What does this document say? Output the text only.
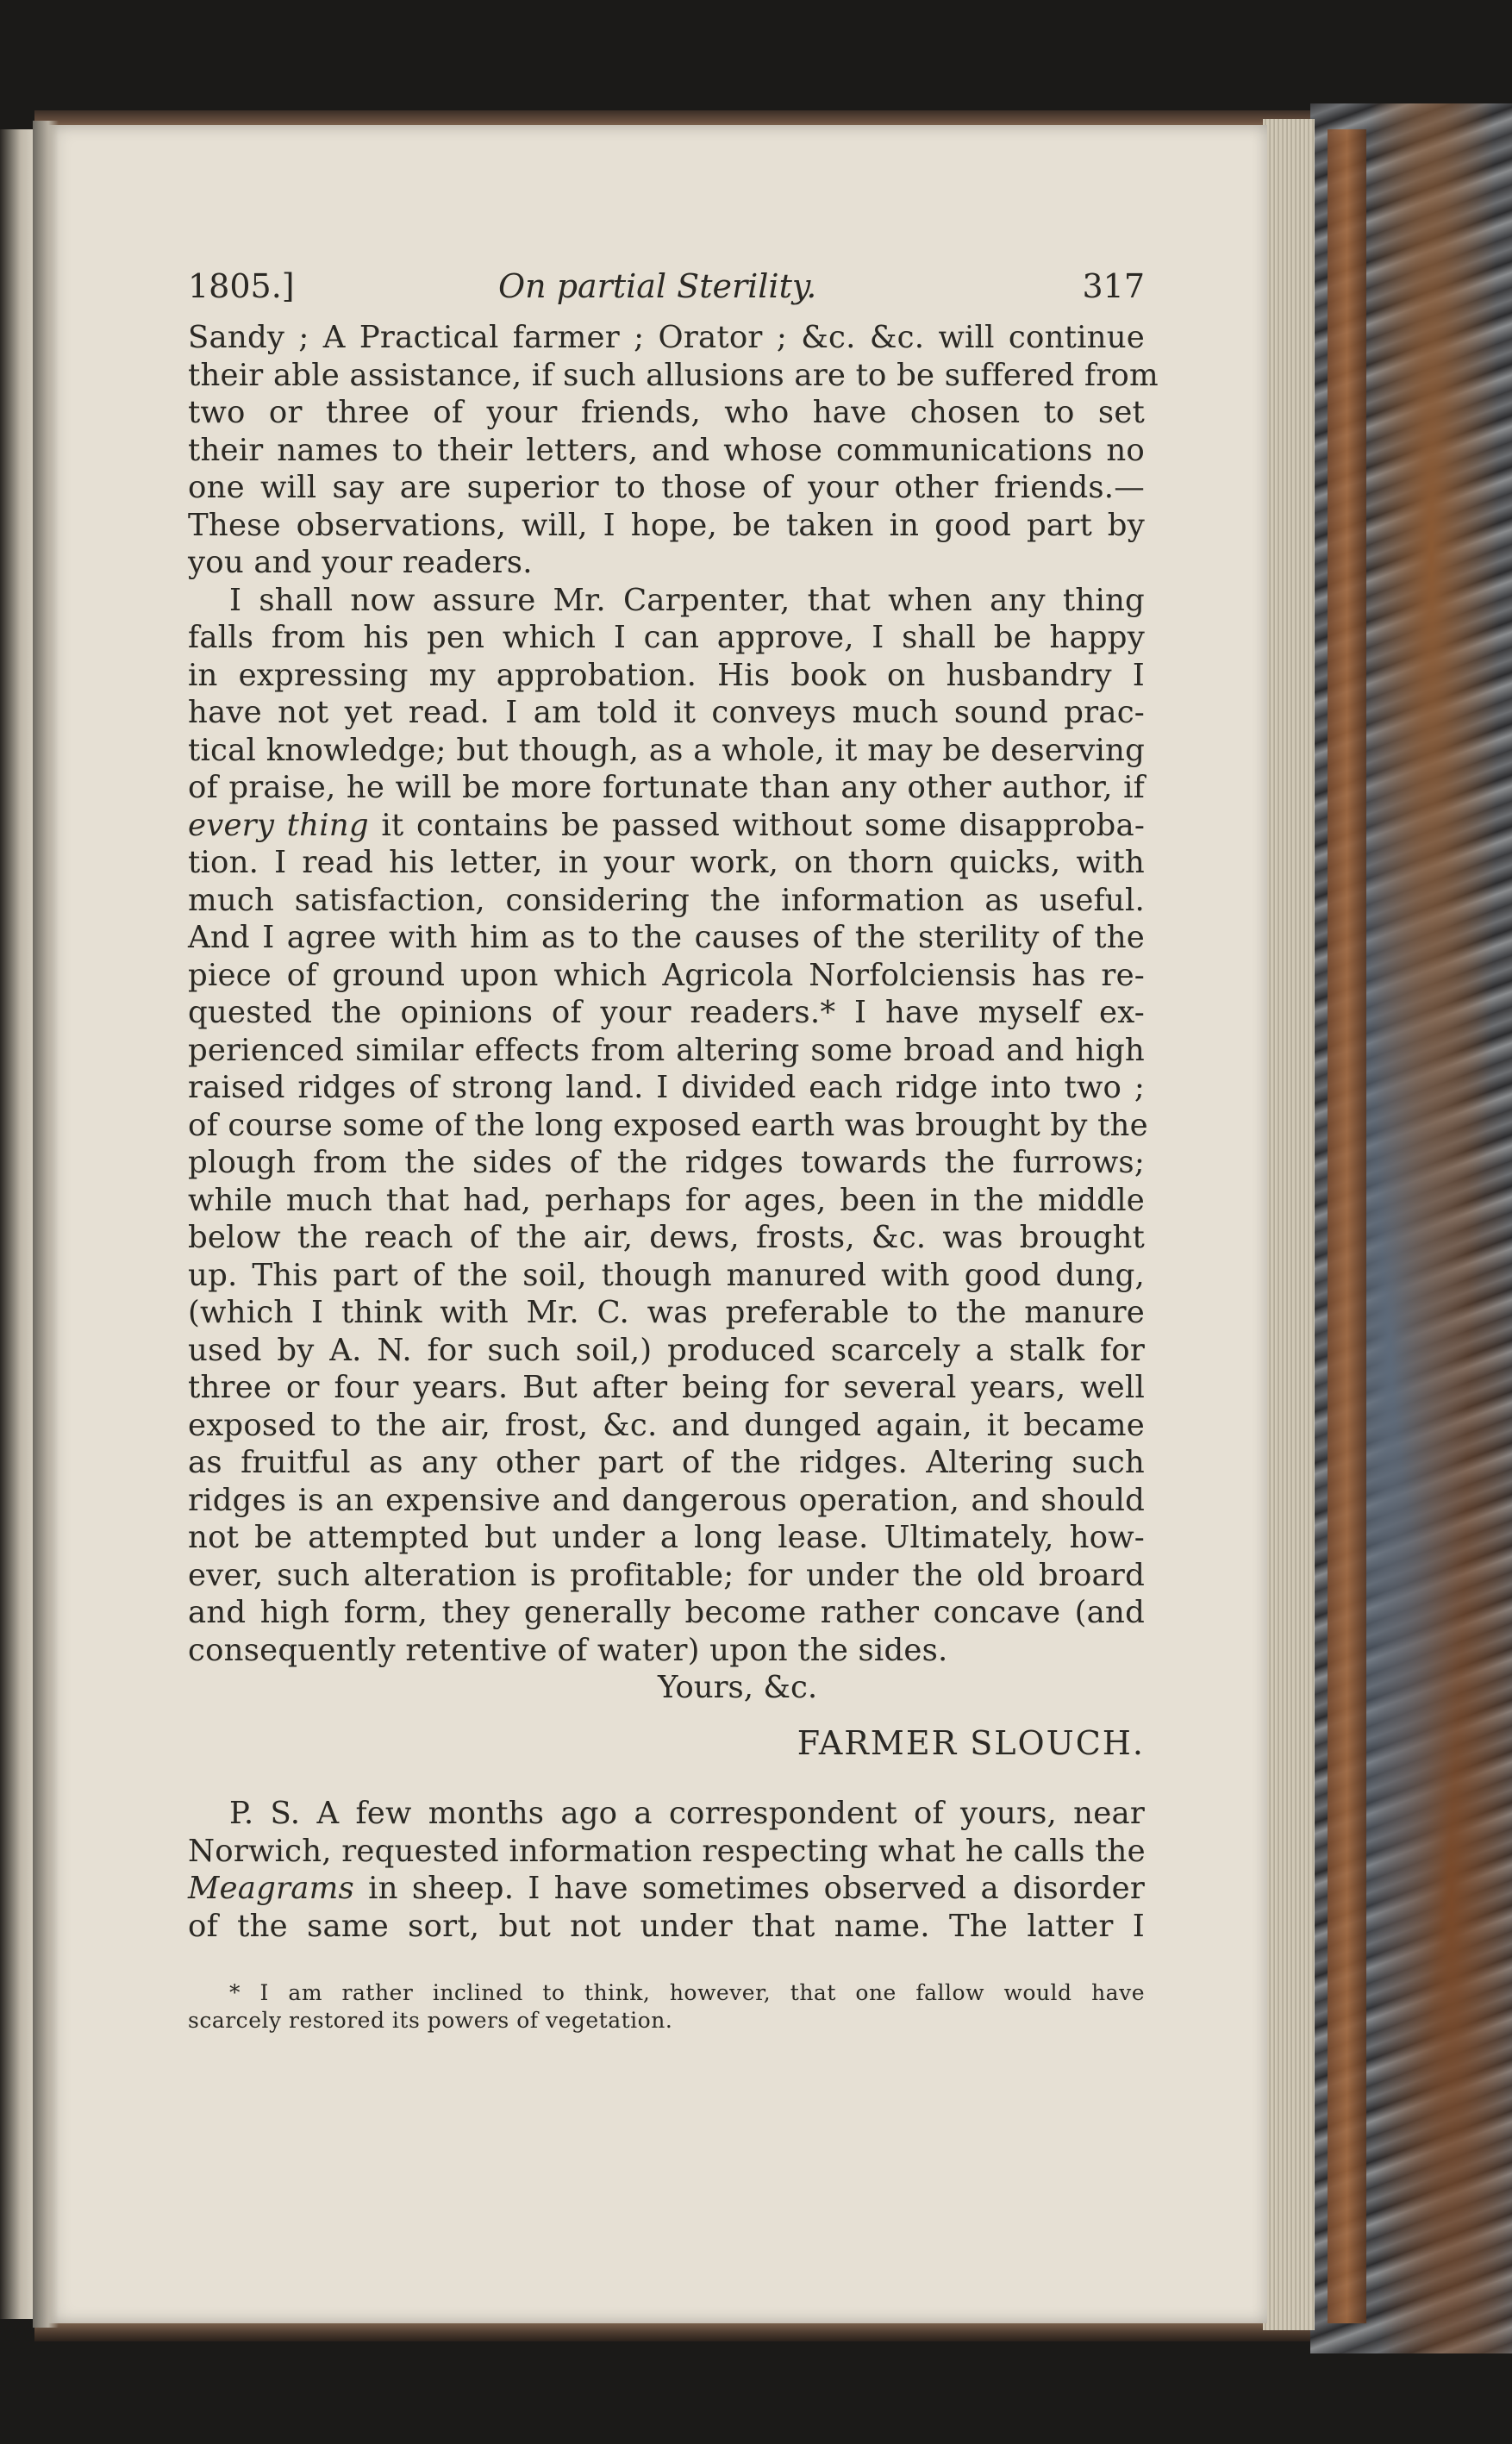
1805.]	On partial Sterility.	317
Sandy ; A Practical farmer ; Orator ; &c. &c. will continue
their able assistance, if such allusions are to be suffered from
two or three of your friends, who have chosen to set
their names to their letters, and whose communications no
one will say are superior to those of your other friends.—
These observations, will, I hope, be taken in good part by
you and your readers.
I shall now assure Mr. Carpenter, that when any thing
falls from his pen which I can approve, I shall be happy
in expressing my approbation. His book on husbandry I
have not yet read. I am told it conveys much sound prac-
tical knowledge; but though, as a whole, it may be deserving
of praise, he will be more fortunate than any other author, if
every thing it contains be passed without some disapproba-
tion. I read his letter, in your work, on thorn quicks, with
much satisfaction, considering the information as useful.
And I agree with him as to the causes of the sterility of the
piece of ground upon which Agricola Norfolciensis has re-
quested the opinions of your readers.* I have myself ex-
perienced similar effects from altering some broad and high
raised ridges of strong land. I divided each ridge into two ;
of course some of the long exposed earth was brought by the
plough from the sides of the ridges towards the furrows;
while much that had, perhaps for ages, been in the middle
below the reach of the air, dews, frosts, &c. was brought
up. This part of the soil, though manured with good dung,
(which I think with Mr. C. was preferable to the manure
used by A. N. for such soil,) produced scarcely a stalk for
three or four years. But after being for several years, well
exposed to the air, frost, &c. and dunged again, it became
as fruitful as any other part of the ridges. Altering such
ridges is an expensive and dangerous operation, and should
not be attempted but under a long lease. Ultimately, how-
ever, such alteration is profitable; for under the old broard
and high form, they generally become rather concave (and
consequently retentive of water) upon the sides.
Yours, &c.
FARMER SLOUCH.
P. S. A few months ago a correspondent of yours, near
Norwich, requested information respecting what he calls the
Meagrams in sheep. I have sometimes observed a disorder
of the same sort, but not under that name. The latter I
* I am rather inclined to think, however, that one fallow would have
scarcely restored its powers of vegetation.
